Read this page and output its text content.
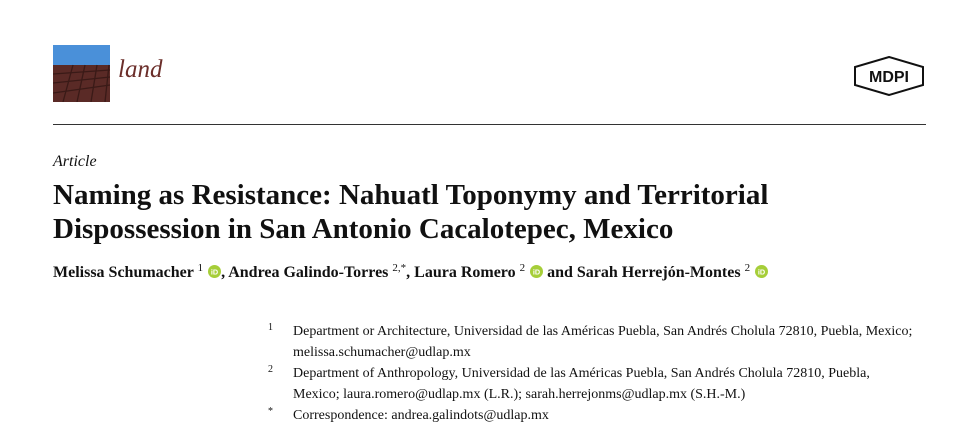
land	MDPI
Article
Naming as Resistance: Nahuatl Toponymy and Territorial
Dispossession in San Antonio Cacalotepec, Mexico
Melissa Schumacher $^1$ iD , Andrea Galindo-Torres $^{2,*}$, Laura Romero $^2$ iD and Sarah Herrejón-Montes $^2$ iD
1 Department or Architecture, Universidad de las Américas Puebla, San Andrés Cholula 72810, Puebla, Mexico;
melissa.schumacher@udlap.mx
2 Department of Anthropology, Universidad de las Américas Puebla, San Andrés Cholula 72810, Puebla,
Mexico; laura.romero@udlap.mx (L.R.); sarah.herrejonms@udlap.mx (S.H.-M.)
* Correspondence: andrea.galindots@udlap.mx
